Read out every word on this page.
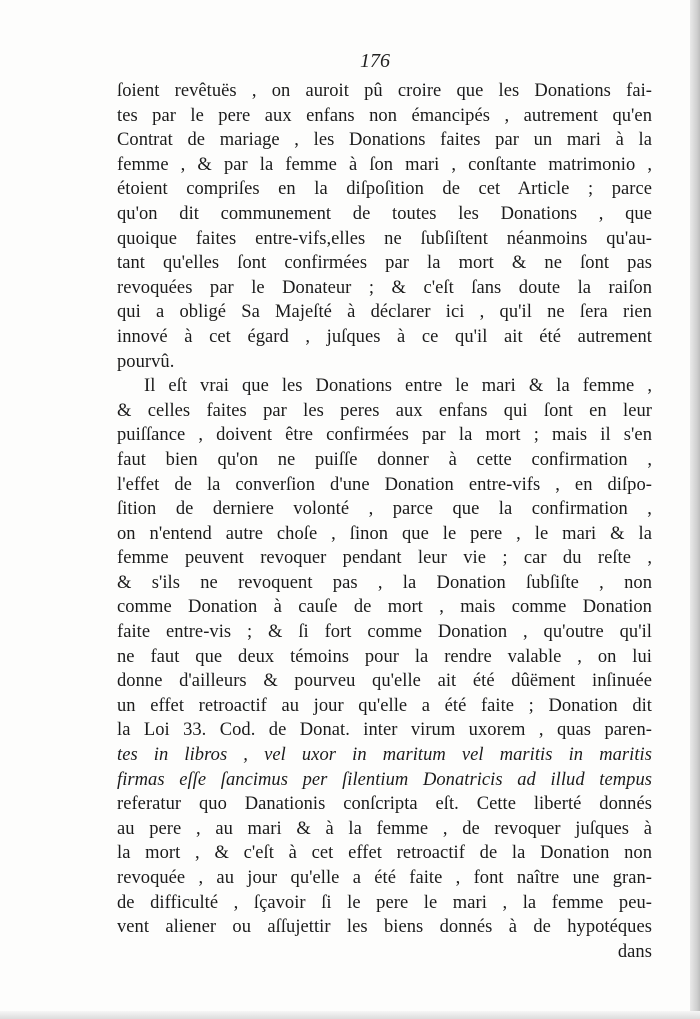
176
ſoient revêtuës , on auroit pû croire que les Donations fai-
tes par le pere aux enfans non émancipés , autrement qu'en
Contrat de mariage , les Donations faites par un mari à la
femme , & par la femme à ſon mari , conſtante matrimonio ,
étoient compriſes en la diſpoſition de cet Article ; parce
qu'on dit communement de toutes les Donations , que
quoique faites entre-vifs,elles ne ſubſiſtent néanmoins qu'au-
tant qu'elles ſont confirmées par la mort & ne ſont pas
revoquées par le Donateur ; & c'eſt ſans doute la raiſon
qui a obligé Sa Majeſté à déclarer ici , qu'il ne ſera rien
innové à cet égard , juſques à ce qu'il ait été autrement
pourvû.
Il eſt vrai que les Donations entre le mari & la femme ,
& celles faites par les peres aux enfans qui ſont en leur
puiſſance , doivent être confirmées par la mort ; mais il s'en
faut bien qu'on ne puiſſe donner à cette confirmation ,
l'effet de la converſion d'une Donation entre-vifs , en diſpo-
ſition de derniere volonté , parce que la confirmation ,
on n'entend autre choſe , ſinon que le pere , le mari & la
femme peuvent revoquer pendant leur vie ; car du reſte ,
& s'ils ne revoquent pas , la Donation ſubſiſte , non
comme Donation à cauſe de mort , mais comme Donation
faite entre-vis ; & ſi fort comme Donation , qu'outre qu'il
ne faut que deux témoins pour la rendre valable , on lui
donne d'ailleurs & pourveu qu'elle ait été dûëment inſinuée
un effet retroactif au jour qu'elle a été faite ; Donation dit
la Loi 33. Cod. de Donat. inter virum uxorem , quas paren-
tes in libros , vel uxor in maritum vel maritis in maritis
firmas eſſe ſancimus per ſilentium Donatricis ad illud tempus
referatur quo Danationis conſcripta eſt. Cette liberté donnés
au pere , au mari & à la femme , de revoquer juſques à
la mort , & c'eſt à cet effet retroactif de la Donation non
revoquée , au jour qu'elle a été faite , font naître une gran-
de difficulté , ſçavoir ſi le pere le mari , la femme peu-
vent aliener ou aſſujettir les biens donnés à de hypotéques
dans
